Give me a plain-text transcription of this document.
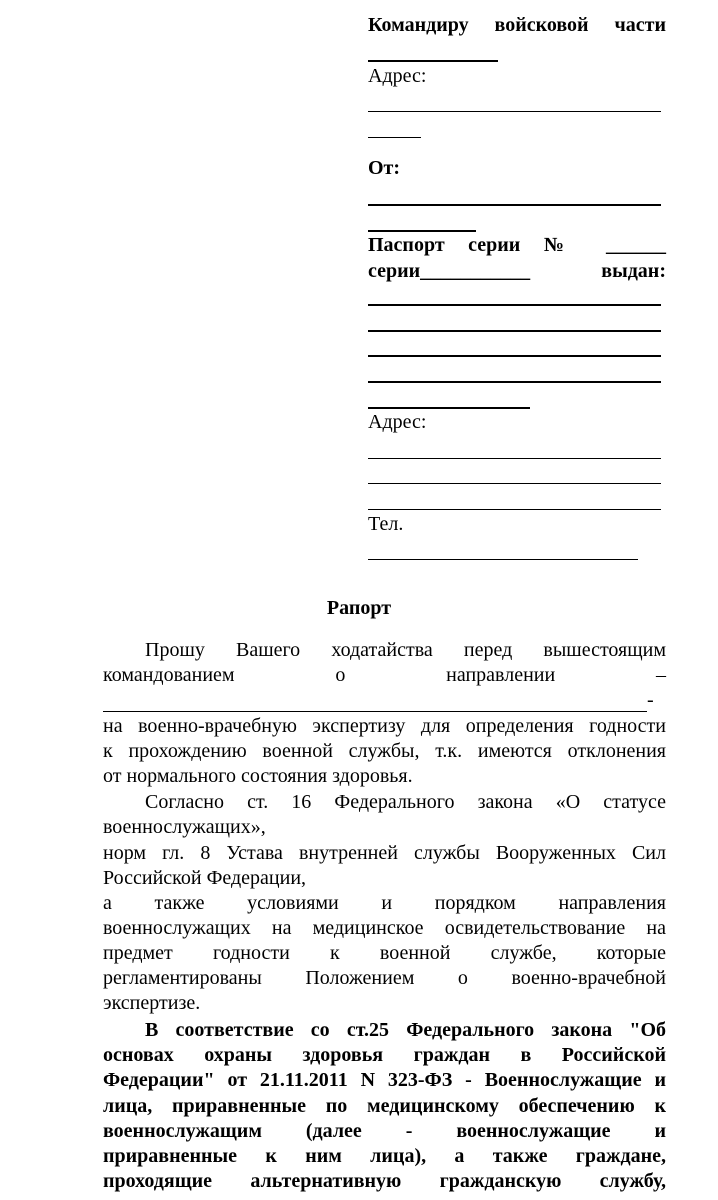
Командиру войсковой части
Адрес:
От:
Паспорт серии № ______
серии___________ выдан:
Адрес:
Тел.
Рапорт
Прошу Вашего ходатайства перед вышестоящим
командованием о направлении –
-
на военно-врачебную экспертизу для определения годности
к прохождению военной службы, т.к. имеются отклонения
от нормального состояния здоровья.
Согласно ст. 16 Федерального закона «О статусе
военнослужащих»,
норм гл. 8 Устава внутренней службы Вооруженных Сил
Российской Федерации,
а также условиями и порядком направления
военнослужащих на медицинское освидетельствование на
предмет годности к военной службе, которые
регламентированы Положением о военно-врачебной
экспертизе.
В соответствие со ст.25 Федерального закона "Об
основах охраны здоровья граждан в Российской
Федерации" от 21.11.2011 N 323-ФЗ - Военнослужащие и
лица, приравненные по медицинскому обеспечению к
военнослужащим (далее - военнослужащие и
приравненные к ним лица), а также граждане,
проходящие альтернативную гражданскую службу,
